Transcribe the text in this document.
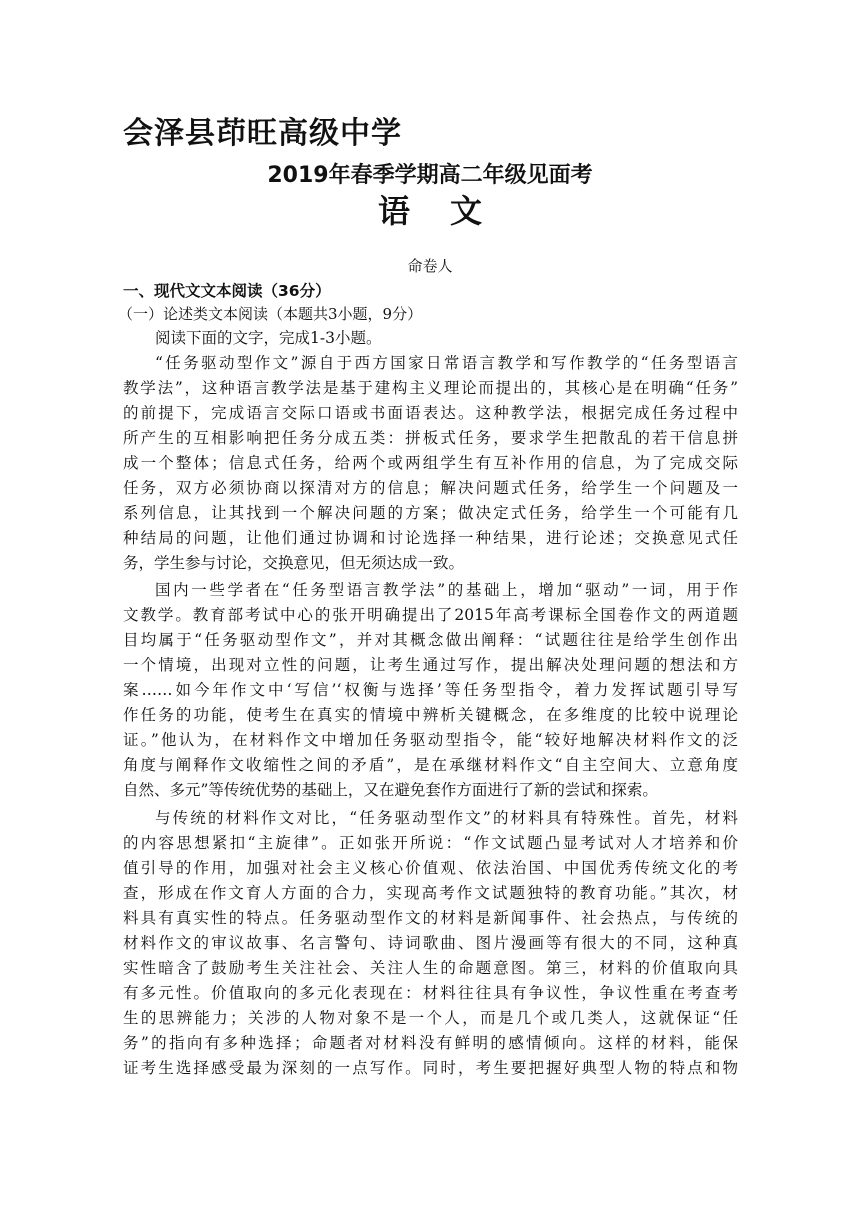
会泽县茚旺高级中学
2019年春季学期高二年级见面考
语 文
命卷人
一、现代文文本阅读（36分）
（一）论述类文本阅读（本题共3小题，9分）
阅读下面的文字，完成1-3小题。
“任务驱动型作文”源自于西方国家日常语言教学和写作教学的“任务型语言
教学法”，这种语言教学法是基于建构主义理论而提出的，其核心是在明确“任务”
的前提下，完成语言交际口语或书面语表达。这种教学法，根据完成任务过程中
所产生的互相影响把任务分成五类：拼板式任务，要求学生把散乱的若干信息拼
成一个整体；信息式任务，给两个或两组学生有互补作用的信息，为了完成交际
任务，双方必须协商以探清对方的信息；解决问题式任务，给学生一个问题及一
系列信息，让其找到一个解决问题的方案；做决定式任务，给学生一个可能有几
种结局的问题，让他们通过协调和讨论选择一种结果，进行论述；交换意见式任
务，学生参与讨论，交换意见，但无须达成一致。
国内一些学者在“任务型语言教学法”的基础上，增加“驱动”一词，用于作
文教学。教育部考试中心的张开明确提出了2015年高考课标全国卷作文的两道题
目均属于“任务驱动型作文”，并对其概念做出阐释：“试题往往是给学生创作出
一个情境，出现对立性的问题，让考生通过写作，提出解决处理问题的想法和方
案……如今年作文中‘写信’‘权衡与选择’等任务型指令，着力发挥试题引导写
作任务的功能，使考生在真实的情境中辨析关键概念，在多维度的比较中说理论
证。”他认为，在材料作文中增加任务驱动型指令，能“较好地解决材料作文的泛
角度与阐释作文收缩性之间的矛盾”，是在承继材料作文“自主空间大、立意角度
自然、多元”等传统优势的基础上，又在避免套作方面进行了新的尝试和探索。
与传统的材料作文对比，“任务驱动型作文”的材料具有特殊性。首先，材料
的内容思想紧扣“主旋律”。正如张开所说：“作文试题凸显考试对人才培养和价
值引导的作用，加强对社会主义核心价值观、依法治国、中国优秀传统文化的考
查，形成在作文育人方面的合力，实现高考作文试题独特的教育功能。”其次，材
料具有真实性的特点。任务驱动型作文的材料是新闻事件、社会热点，与传统的
材料作文的审议故事、名言警句、诗词歌曲、图片漫画等有很大的不同，这种真
实性暗含了鼓励考生关注社会、关注人生的命题意图。第三，材料的价值取向具
有多元性。价值取向的多元化表现在：材料往往具有争议性，争议性重在考查考
生的思辨能力；关涉的人物对象不是一个人，而是几个或几类人，这就保证“任
务”的指向有多种选择；命题者对材料没有鲜明的感情倾向。这样的材料，能保
证考生选择感受最为深刻的一点写作。同时，考生要把握好典型人物的特点和物
